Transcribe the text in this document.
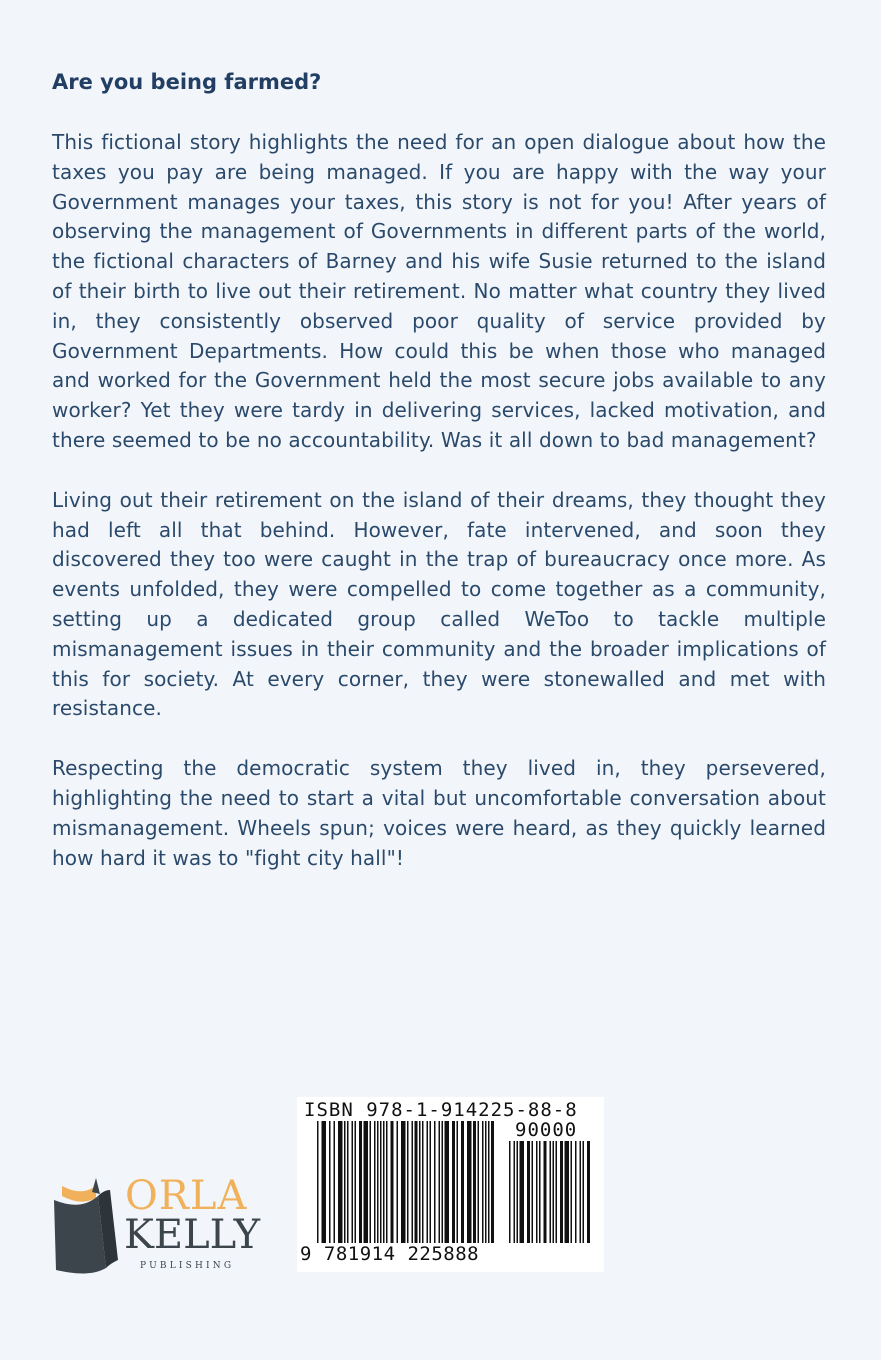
Are you being farmed?

This fictional story highlights the need for an open dialogue about how the taxes you pay are being managed. If you are happy with the way your Government manages your taxes, this story is not for you! After years of observing the management of Governments in different parts of the world, the fictional characters of Barney and his wife Susie returned to the island of their birth to live out their retirement. No matter what country they lived in, they consistently observed poor quality of service provided by Government Departments. How could this be when those who managed and worked for the Government held the most secure jobs available to any worker? Yet they were tardy in delivering services, lacked motivation, and there seemed to be no accountability. Was it all down to bad management?

Living out their retirement on the island of their dreams, they thought they had left all that behind. However, fate intervened, and soon they discovered they too were caught in the trap of bureaucracy once more. As events unfolded, they were compelled to come together as a community, setting up a dedicated group called WeToo to tackle multiple mismanagement issues in their community and the broader implications of this for society. At every corner, they were stonewalled and met with resistance.

Respecting the democratic system they lived in, they persevered, highlighting the need to start a vital but uncomfortable conversation about mismanagement. Wheels spun; voices were heard, as they quickly learned how hard it was to "fight city hall"!

ORLA
KELLY
PUBLISHING
ISBN 978-1-914225-88-8
90000
9 781914 225888
